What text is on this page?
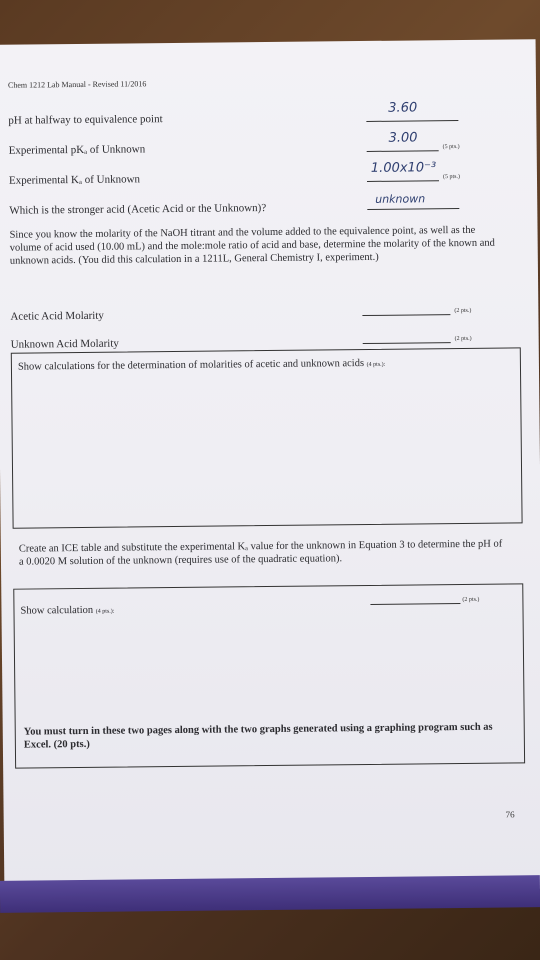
Chem 1212 Lab Manual - Revised 11/2016
pH at halfway to equivalence point
3.60
Experimental pKₐ of Unknown
3.00
(5 pts.)
Experimental Kₐ of Unknown
1.00x10⁻³
(5 pts.)
Which is the stronger acid (Acetic Acid or the Unknown)?
unknown
Since you know the molarity of the NaOH titrant and the volume added to the equivalence point, as well as the volume of acid used (10.00 mL) and the mole:mole ratio of acid and base, determine the molarity of the known and unknown acids. (You did this calculation in a 1211L, General Chemistry I, experiment.)
Acetic Acid Molarity	(2 pts.)
Unknown Acid Molarity	(2 pts.)
Show calculations for the determination of molarities of acetic and unknown acids (4 pts.):
Create an ICE table and substitute the experimental Kₐ value for the unknown in Equation 3 to determine the pH of a 0.0020 M solution of the unknown (requires use of the quadratic equation).
Show calculation (4 pts.):
(2 pts.)
You must turn in these two pages along with the two graphs generated using a graphing program such as Excel. (20 pts.)
76
